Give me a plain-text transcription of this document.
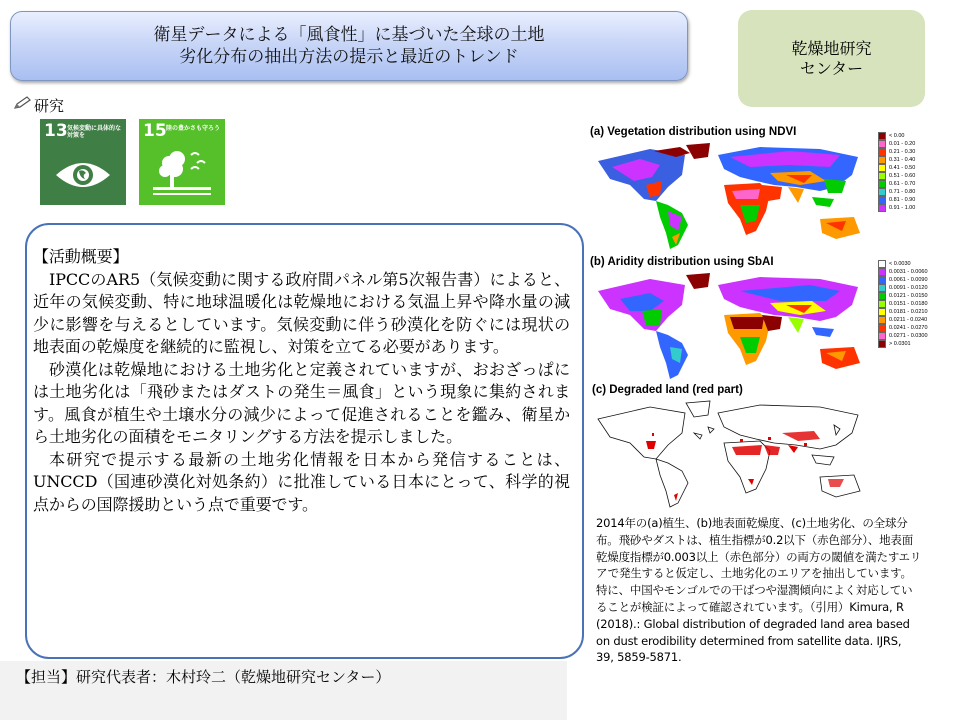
衛星データによる「風食性」に基づいた全球の土地
劣化分布の抽出方法の提示と最近のトレンド	乾燥地研究
センター
研究
13 気候変動に具体的な対策を	15 陸の豊かさも守ろう

【活動概要】

IPCCのAR5（気候変動に関する政府間パネル第5次報告書）によると、近年の気候変動、特に地球温暖化は乾燥地における気温上昇や降水量の減少に影響を与えるとしています。気候変動に伴う砂漠化を防ぐには現状の地表面の乾燥度を継続的に監視し、対策を立てる必要があります。

砂漠化は乾燥地における土地劣化と定義されていますが、おおざっぱには土地劣化は「飛砂またはダストの発生＝風食」という現象に集約されます。風食が植生や土壌水分の減少によって促進されることを鑑み、衛星から土地劣化の面積をモニタリングする方法を提示しました。

本研究で提示する最新の土地劣化情報を日本から発信することは、UNCCD（国連砂漠化対処条約）に批准している日本にとって、科学的視点からの国際援助という点で重要です。

【担当】研究代表者：木村玲二（乾燥地研究センター）
(a) Vegetation distribution using NDVI	< 0.00
0.01 - 0.20
0.21 - 0.30
0.31 - 0.40
0.41 - 0.50
0.51 - 0.60
0.61 - 0.70
0.71 - 0.80
0.81 - 0.90
0.91 - 1.00
(b) Aridity distribution using SbAI	< 0.0030
0.0031 - 0.0060
0.0061 - 0.0090
0.0091 - 0.0120
0.0121 - 0.0150
0.0151 - 0.0180
0.0181 - 0.0210
0.0211 - 0.0240
0.0241 - 0.0270
0.0271 - 0.0300
> 0.0301
(c) Degraded land (red part)

2014年の(a)植生、(b)地表面乾燥度、(c)土地劣化、の全球分布。飛砂やダストは、植生指標が0.2以下（赤色部分）、地表面乾燥度指標が0.003以上（赤色部分）の両方の閾値を満たすエリアで発生すると仮定し、土地劣化のエリアを抽出しています。特に、中国やモンゴルでの干ばつや湿潤傾向によく対応していることが検証によって確認されています。（引用）Kimura, R (2018).: Global distribution of degraded land area based on dust erodibility determined from satellite data. IJRS, 39, 5859-5871.
